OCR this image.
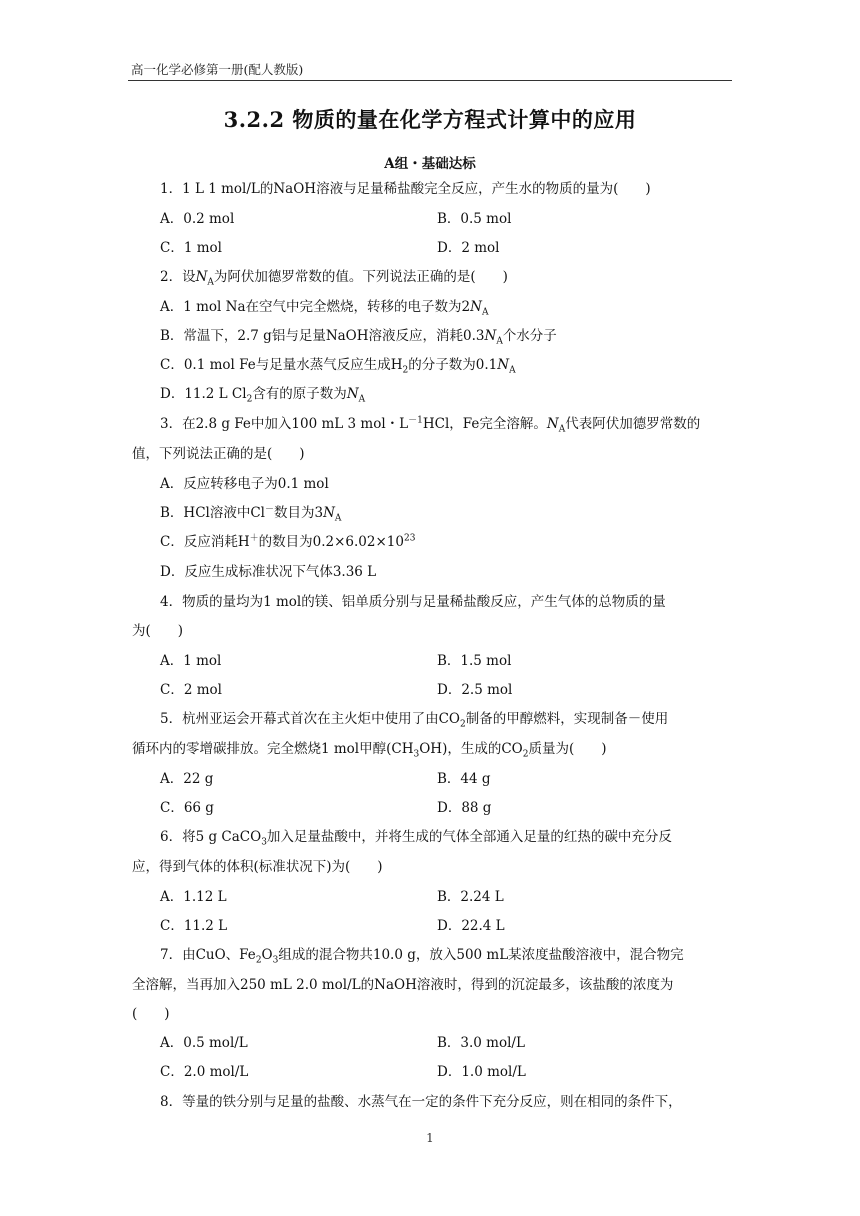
高一化学必修第一册(配人教版)
3.2.2 物质的量在化学方程式计算中的应用
A组・基础达标
1．1 L 1 mol/L的NaOH溶液与足量稀盐酸完全反应，产生水的物质的量为(　　)
A．0.2 mol	B．0.5 mol
C．1 mol	D．2 mol
2．设$N_A$为阿伏加德罗常数的值。下列说法正确的是(　　)
A．1 mol Na在空气中完全燃烧，转移的电子数为$2N_A$
B．常温下，2.7 g铝与足量NaOH溶液反应，消耗$0.3N_A$个水分子
C．0.1 mol Fe与足量水蒸气反应生成$H_2$的分子数为$0.1N_A$
D．11.2 L $Cl_2$含有的原子数为$N_A$
3．在2.8 g Fe中加入100 mL 3 mol・$L^{-1}HCl$，Fe完全溶解。$N_A$代表阿伏加德罗常数的
值，下列说法正确的是(　　)
A．反应转移电子为0.1 mol
B．HCl溶液中Cl－数目为$3N_A$
C．反应消耗H＋的数目为$0.2\times 6.02\times 10^{23}$
D．反应生成标准状况下气体3.36 L
4．物质的量均为1 mol的镁、铝单质分别与足量稀盐酸反应，产生气体的总物质的量
为(　　)
A．1 mol	B．1.5 mol
C．2 mol	D．2.5 mol
5．杭州亚运会开幕式首次在主火炬中使用了由$CO_2$制备的甲醇燃料，实现制备－使用
循环内的零增碳排放。完全燃烧1 mol甲醇$(CH_3OH)$，生成的$CO_2$质量为(　　)
A．22 g	B．44 g
C．66 g	D．88 g
6．将5 g CaCO$_3$加入足量盐酸中，并将生成的气体全部通入足量的红热的碳中充分反
应，得到气体的体积(标准状况下)为(　　)
A．1.12 L	B．2.24 L
C．11.2 L	D．22.4 L
7．由CuO、$Fe_2O_3$组成的混合物共10.0 g，放入500 mL某浓度盐酸溶液中，混合物完
全溶解，当再加入250 mL 2.0 mol/L的NaOH溶液时，得到的沉淀最多，该盐酸的浓度为
(　　)
A．0.5 mol/L	B．3.0 mol/L
C．2.0 mol/L	D．1.0 mol/L
8．等量的铁分别与足量的盐酸、水蒸气在一定的条件下充分反应，则在相同的条件下，
1
